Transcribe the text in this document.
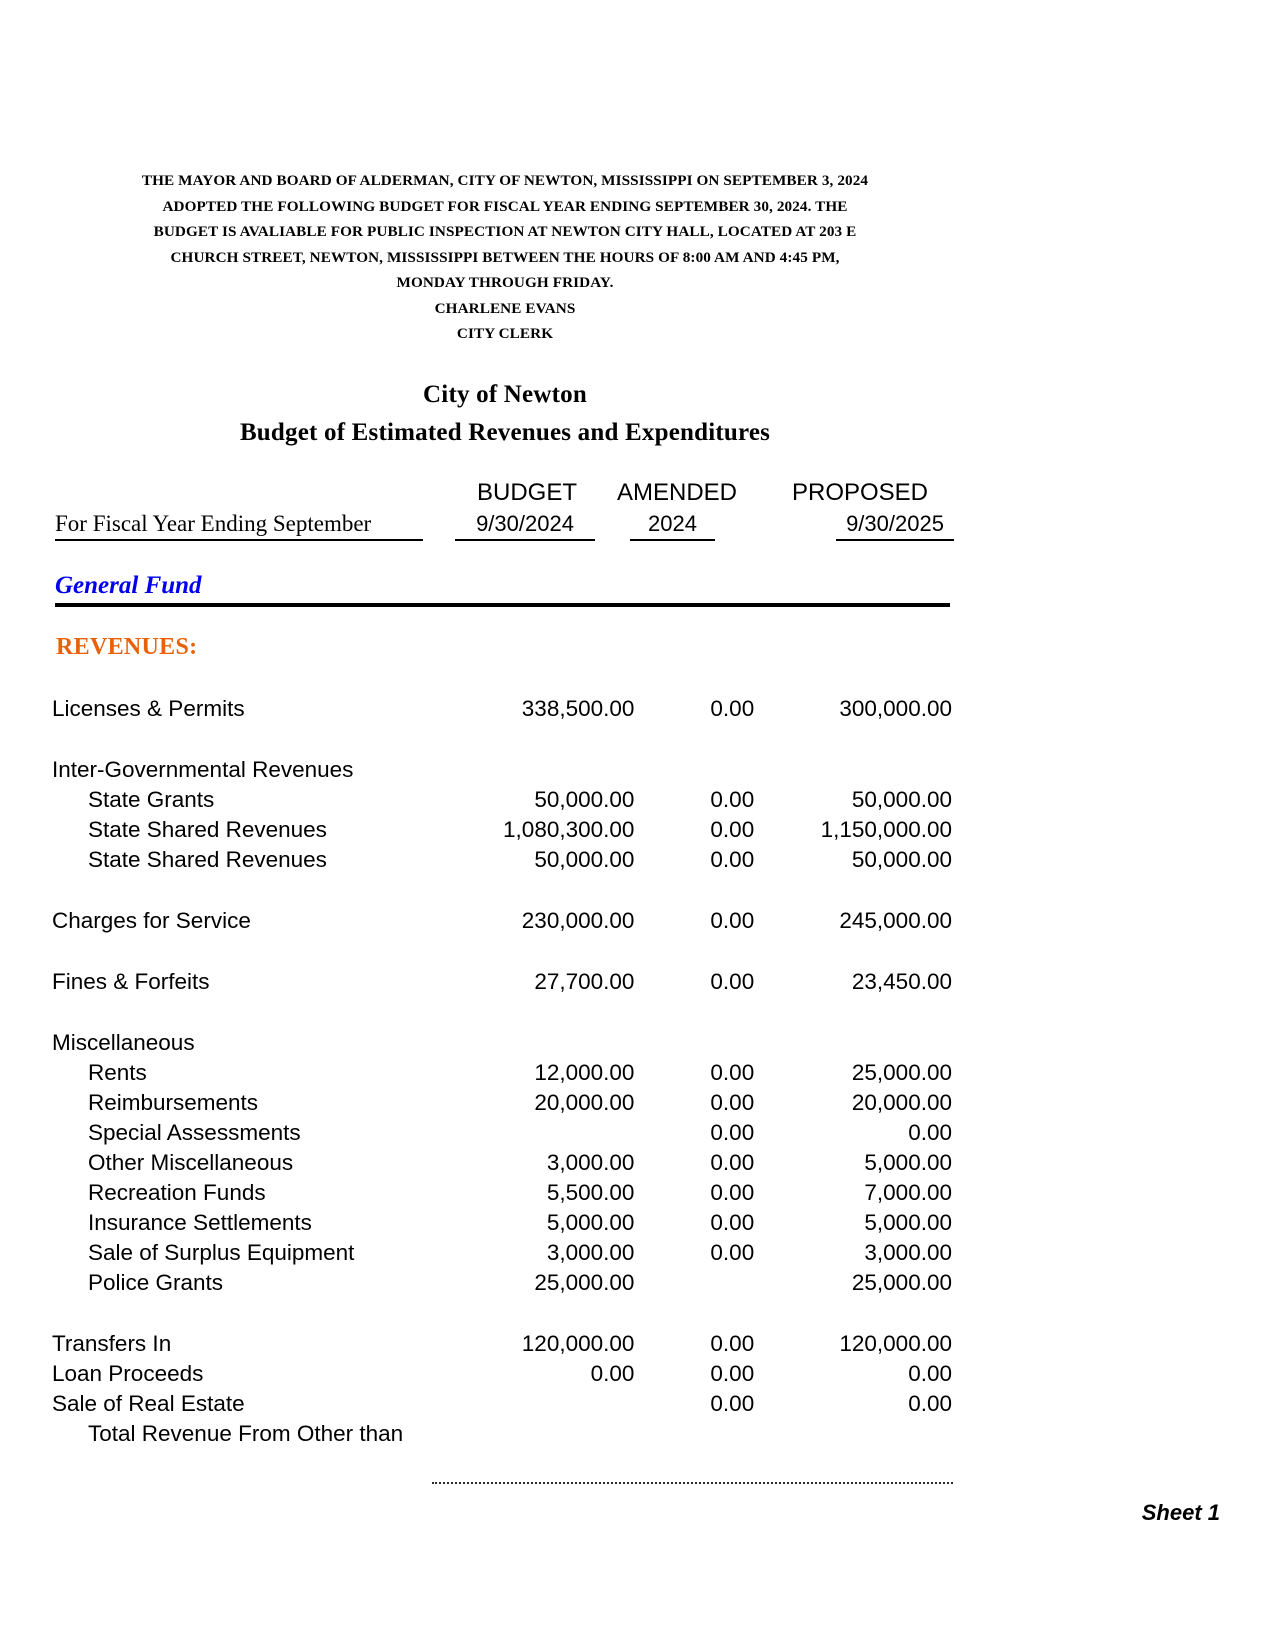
THE MAYOR AND BOARD OF ALDERMAN, CITY OF NEWTON, MISSISSIPPI ON SEPTEMBER 3, 2024
ADOPTED THE FOLLOWING BUDGET FOR FISCAL YEAR ENDING SEPTEMBER 30, 2024. THE
BUDGET IS AVALIABLE FOR PUBLIC INSPECTION AT NEWTON CITY HALL, LOCATED AT 203 E
CHURCH STREET, NEWTON, MISSISSIPPI BETWEEN THE HOURS OF 8:00 AM AND 4:45 PM,
MONDAY THROUGH FRIDAY.
CHARLENE EVANS
CITY CLERK
City of Newton
Budget of Estimated Revenues and Expenditures
BUDGET	AMENDED	PROPOSED
For Fiscal Year Ending September	9/30/2024	2024	9/30/2025
General Fund
REVENUES:
Licenses & Permits	338,500.00	0.00	300,000.00

Inter-Governmental Revenues			
State Grants	50,000.00	0.00	50,000.00
State Shared Revenues	1,080,300.00	0.00	1,150,000.00
State Shared Revenues	50,000.00	0.00	50,000.00

Charges for Service	230,000.00	0.00	245,000.00

Fines & Forfeits	27,700.00	0.00	23,450.00

Miscellaneous			
Rents	12,000.00	0.00	25,000.00
Reimbursements	20,000.00	0.00	20,000.00
Special Assessments		0.00	0.00
Other Miscellaneous	3,000.00	0.00	5,000.00
Recreation Funds	5,500.00	0.00	7,000.00
Insurance Settlements	5,000.00	0.00	5,000.00
Sale of Surplus Equipment	3,000.00	0.00	3,000.00
Police Grants	25,000.00		25,000.00

Transfers In	120,000.00	0.00	120,000.00
Loan Proceeds	0.00	0.00	0.00
Sale of Real Estate		0.00	0.00
Total Revenue From Other than			
Sheet 1
